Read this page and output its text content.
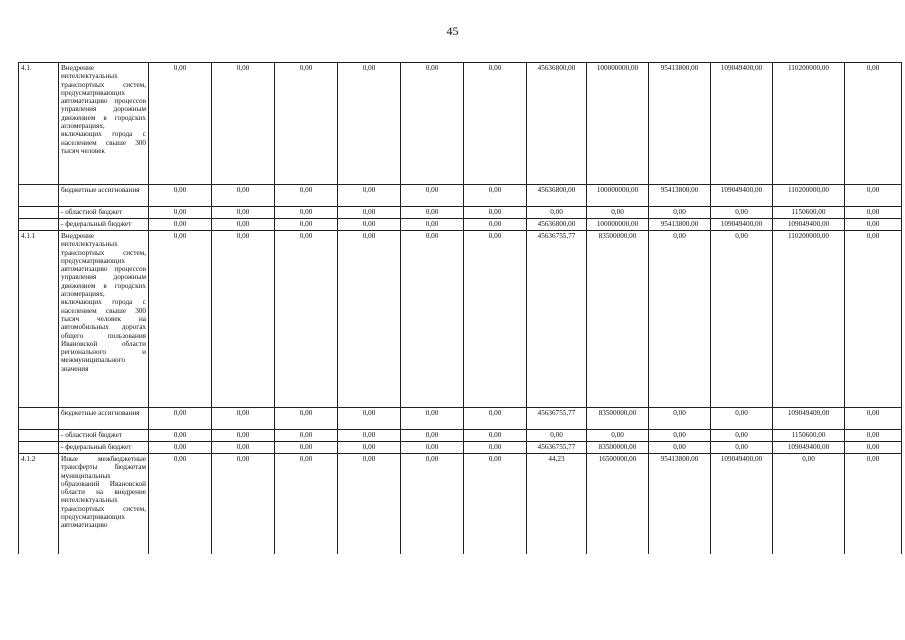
45
4.1.	Внедрение интеллектуальных транспортных систем, предусматривающих автоматизацию процессов управления дорожным движением в городских агломерациях, включающих города с населением свыше 300 тысяч человек	0,00	0,00	0,00	0,00	0,00	0,00	45636800,00	100000000,00	95413800,00	109049400,00	110200000,00	0,00
	бюджетные ассигнования	0,00	0,00	0,00	0,00	0,00	0,00	45636800,00	100000000,00	95413800,00	109049400,00	110200000,00	0,00
	- областной бюджет	0,00	0,00	0,00	0,00	0,00	0,00	0,00	0,00	0,00	0,00	1150600,00	0,00
	- федеральный бюджет	0,00	0,00	0,00	0,00	0,00	0,00	45636800,00	100000000,00	95413800,00	109049400,00	109049400,00	0,00
4.1.1	Внедрение интеллектуальных транспортных систем, предусматривающих автоматизацию процессов управления дорожным движением в городских агломерациях, включающих города с населением свыше 300 тысяч человек на автомобильных дорогах общего пользования Ивановской области регионального и межмуниципального значения	0,00	0,00	0,00	0,00	0,00	0,00	45636755,77	83500000,00	0,00	0,00	110200000,00	0,00
	бюджетные ассигнования	0,00	0,00	0,00	0,00	0,00	0,00	45636755,77	83500000,00	0,00	0,00	109049400,00	0,00
	- областной бюджет	0,00	0,00	0,00	0,00	0,00	0,00	0,00	0,00	0,00	0,00	1150600,00	0,00
	- федеральный бюджет	0,00	0,00	0,00	0,00	0,00	0,00	45636755,77	83500000,00	0,00	0,00	109049400,00	0,00
4.1.2	Иные межбюджетные трансферты бюджетам муниципальных образований Ивановской области на внедрение интеллектуальных транспортных систем, предусматривающих автоматизацию	0,00	0,00	0,00	0,00	0,00	0,00	44,23	16500000,00	95413800,00	109049400,00	0,00	0,00
